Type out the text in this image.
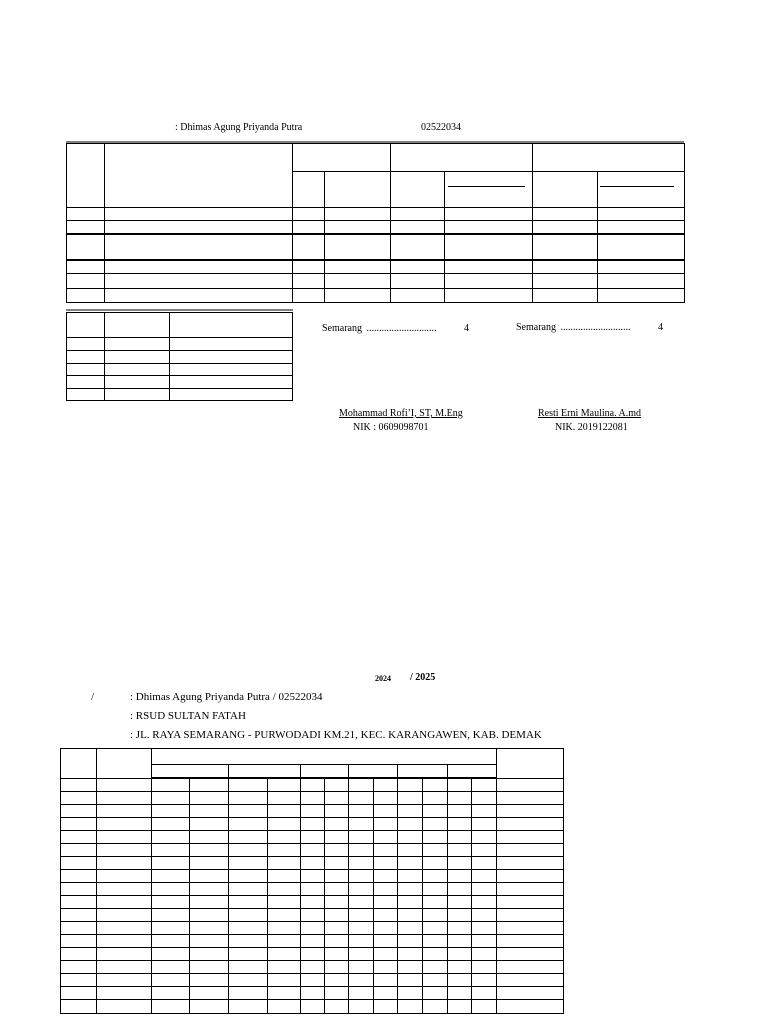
: Dhimas Agung Priyanda Putra	02522034
Semarang ............................	4	Semarang ............................	4
Mohammad Rofi’I, ST, M.Eng
NIK : 0609098701
Resti Erni Maulina. A.md
NIK. 2019122081
2024 / 2025
/	: Dhimas Agung Priyanda Putra / 02522034
: RSUD SULTAN FATAH
: JL. RAYA SEMARANG - PURWODADI KM.21, KEC. KARANGAWEN, KAB. DEMAK
